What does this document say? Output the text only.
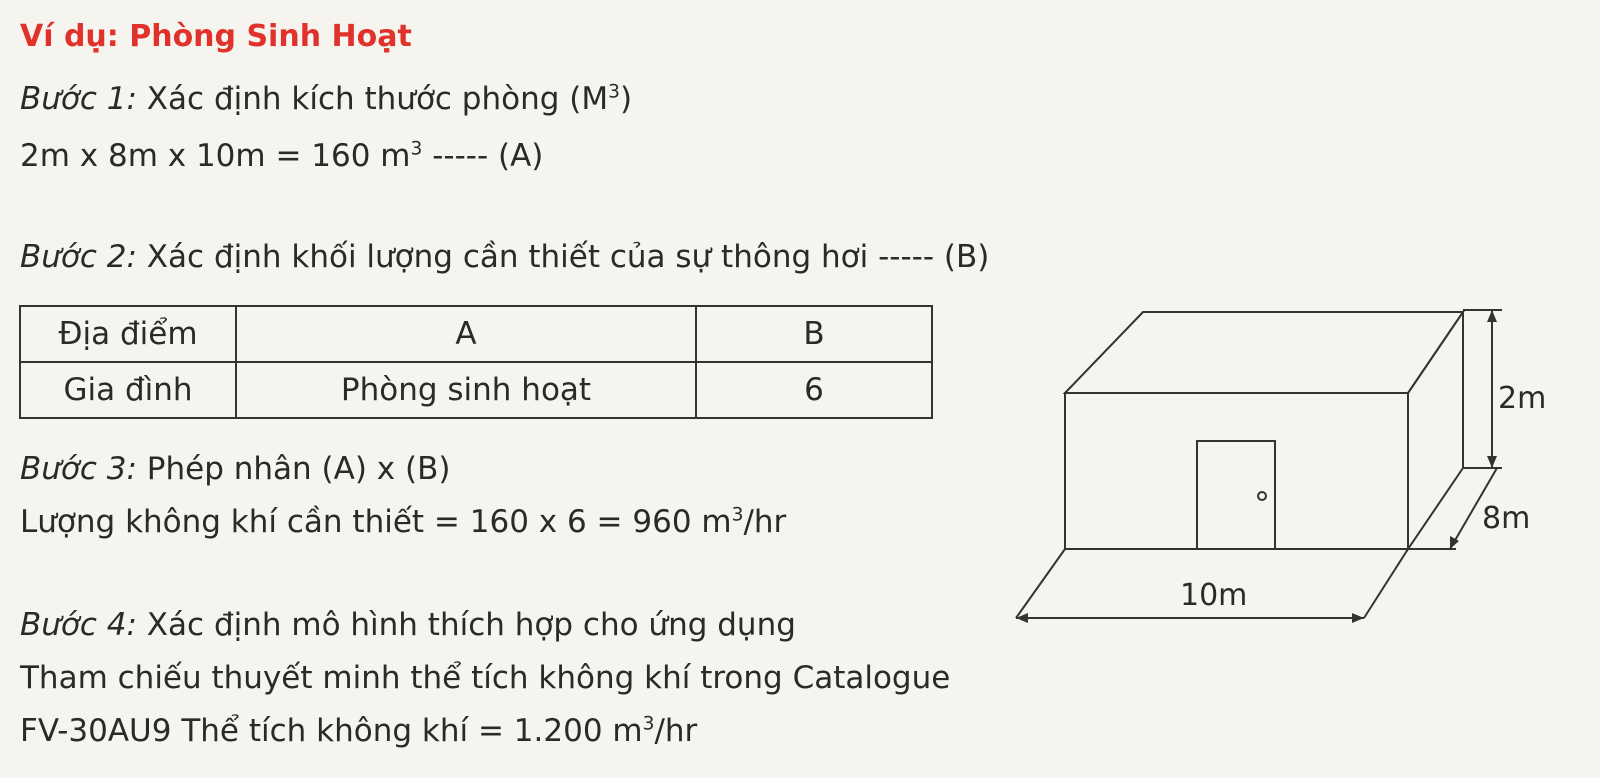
Ví dụ: Phòng Sinh Hoạt
Bước 1: Xác định kích thước phòng $(M^3)$
2m x 8m x 10m = 160 $m^3$ ----- (A)
Bước 2: Xác định khối lượng cần thiết của sự thông hơi ----- (B)
Địa điểm	A	B
Gia đình	Phòng sinh hoạt	6
Bước 3: Phép nhân (A) x (B)
Lượng không khí cần thiết = 160 x 6 = 960 $m^3/hr$
Bước 4: Xác định mô hình thích hợp cho ứng dụng
Tham chiếu thuyết minh thể tích không khí trong Catalogue
FV-30AU9 Thể tích không khí = 1.200 $m^3/hr$
2m
8m
10m
